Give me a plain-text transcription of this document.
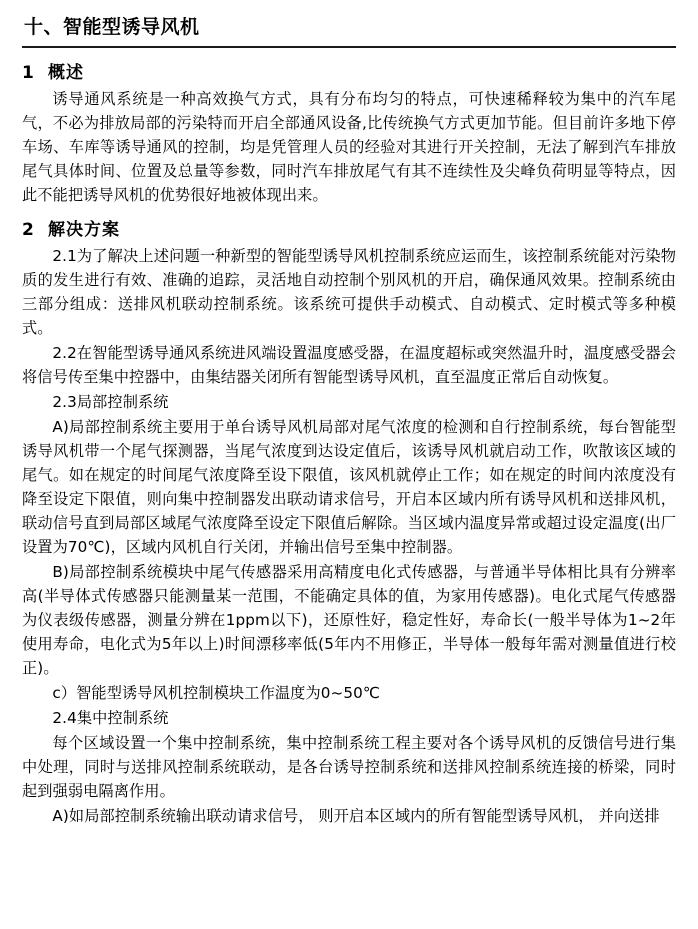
十、智能型诱导风机
1 概述

诱导通风系统是一种高效换气方式，具有分布均匀的特点，可快速稀释较为集中的汽车尾气，不必为排放局部的污染特而开启全部通风设备,比传统换气方式更加节能。但目前许多地下停车场、车库等诱导通风的控制，均是凭管理人员的经验对其进行开关控制，无法了解到汽车排放尾气具体时间、位置及总量等参数，同时汽车排放尾气有其不连续性及尖峰负荷明显等特点，因此不能把诱导风机的优势很好地被体现出来。

2 解决方案

2.1为了解决上述问题一种新型的智能型诱导风机控制系统应运而生，该控制系统能对污染物质的发生进行有效、准确的追踪，灵活地自动控制个别风机的开启，确保通风效果。控制系统由三部分组成：送排风机联动控制系统。该系统可提供手动模式、自动模式、定时模式等多种模式。

2.2在智能型诱导通风系统进风端设置温度感受器，在温度超标或突然温升时，温度感受器会将信号传至集中控器中，由集结器关闭所有智能型诱导风机，直至温度正常后自动恢复。

2.3局部控制系统

A)局部控制系统主要用于单台诱导风机局部对尾气浓度的检测和自行控制系统，每台智能型诱导风机带一个尾气探测器，当尾气浓度到达设定值后，该诱导风机就启动工作，吹散该区域的尾气。如在规定的时间尾气浓度降至设下限值，该风机就停止工作；如在规定的时间内浓度没有降至设定下限值，则向集中控制器发出联动请求信号，开启本区域内所有诱导风机和送排风机，联动信号直到局部区域尾气浓度降至设定下限值后解除。当区域内温度异常或超过设定温度(出厂设置为70℃)，区域内风机自行关闭，并输出信号至集中控制器。

B)局部控制系统模块中尾气传感器采用高精度电化式传感器，与普通半导体相比具有分辨率高(半导体式传感器只能测量某一范围，不能确定具体的值，为家用传感器)。电化式尾气传感器为仪表级传感器，测量分辨在1ppm以下)，还原性好，稳定性好，寿命长(一般半导体为1~2年使用寿命，电化式为5年以上)时间漂移率低(5年内不用修正，半导体一般每年需对测量值进行校正)。

c）智能型诱导风机控制模块工作温度为0~50℃

2.4集中控制系统

每个区域设置一个集中控制系统，集中控制系统工程主要对各个诱导风机的反馈信号进行集中处理，同时与送排风控制系统联动，是各台诱导控制系统和送排风控制系统连接的桥梁，同时起到强弱电隔离作用。

A)如局部控制系统输出联动请求信号， 则开启本区域内的所有智能型诱导风机， 并向送排
